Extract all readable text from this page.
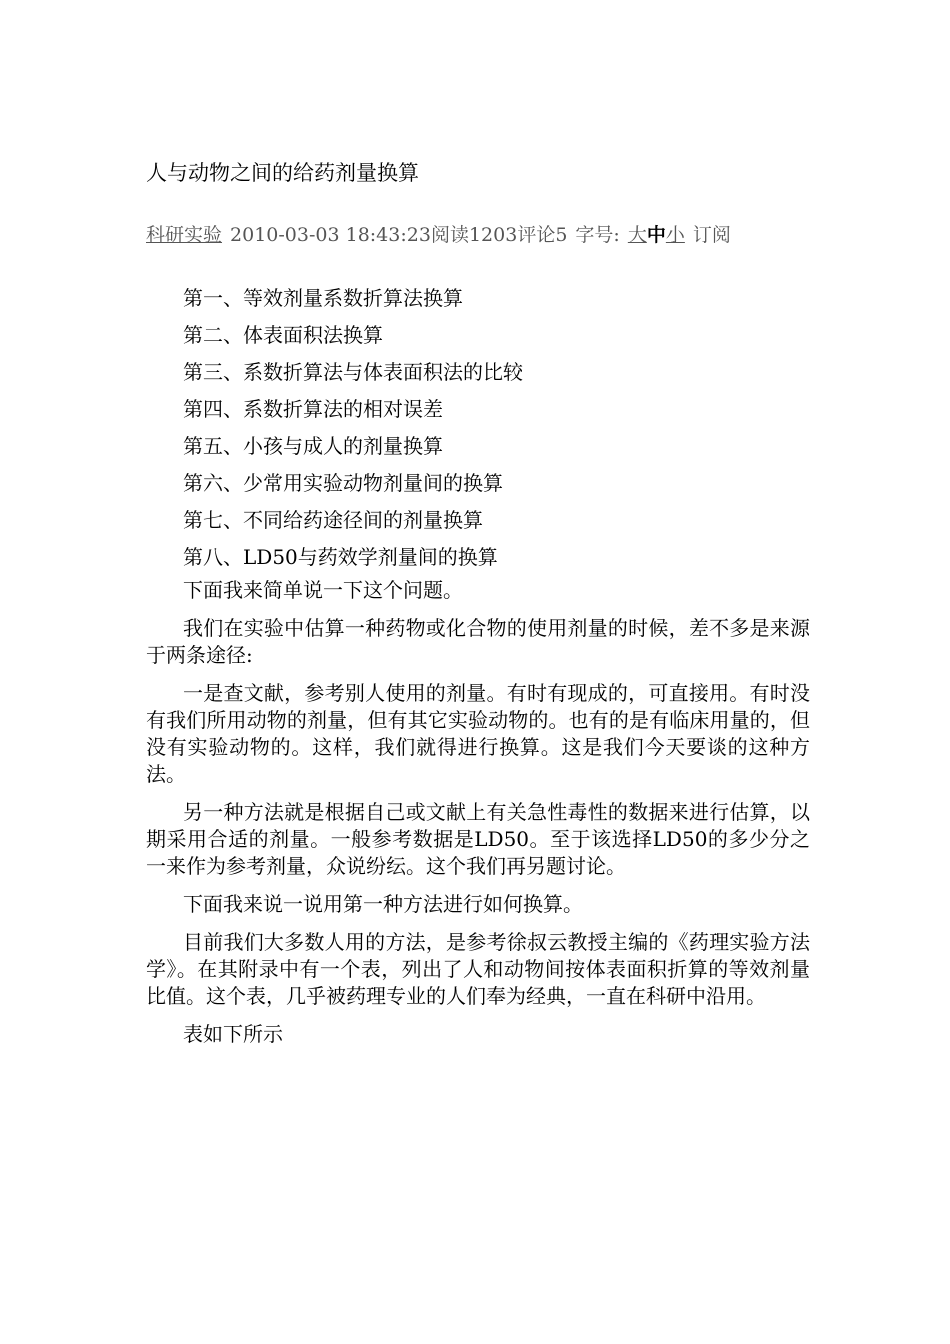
人与动物之间的给药剂量换算
科研实验 2010-03-03 18:43:23阅读1203评论5 字号: 大中小 订阅
第一、等效剂量系数折算法换算
第二、体表面积法换算
第三、系数折算法与体表面积法的比较
第四、系数折算法的相对误差
第五、小孩与成人的剂量换算
第六、少常用实验动物剂量间的换算
第七、不同给药途径间的剂量换算
第八、LD50与药效学剂量间的换算

下面我来简单说一下这个问题。

我们在实验中估算一种药物或化合物的使用剂量的时候，差不多是来源于两条途径:

一是查文献，参考别人使用的剂量。有时有现成的，可直接用。有时没有我们所用动物的剂量，但有其它实验动物的。也有的是有临床用量的，但没有实验动物的。这样，我们就得进行换算。这是我们今天要谈的这种方法。

另一种方法就是根据自己或文献上有关急性毒性的数据来进行估算，以期采用合适的剂量。一般参考数据是LD50。至于该选择LD50的多少分之一来作为参考剂量，众说纷纭。这个我们再另题讨论。

下面我来说一说用第一种方法进行如何换算。

目前我们大多数人用的方法，是参考徐叔云教授主编的《药理实验方法学》。在其附录中有一个表，列出了人和动物间按体表面积折算的等效剂量比值。这个表，几乎被药理专业的人们奉为经典，一直在科研中沿用。

表如下所示
